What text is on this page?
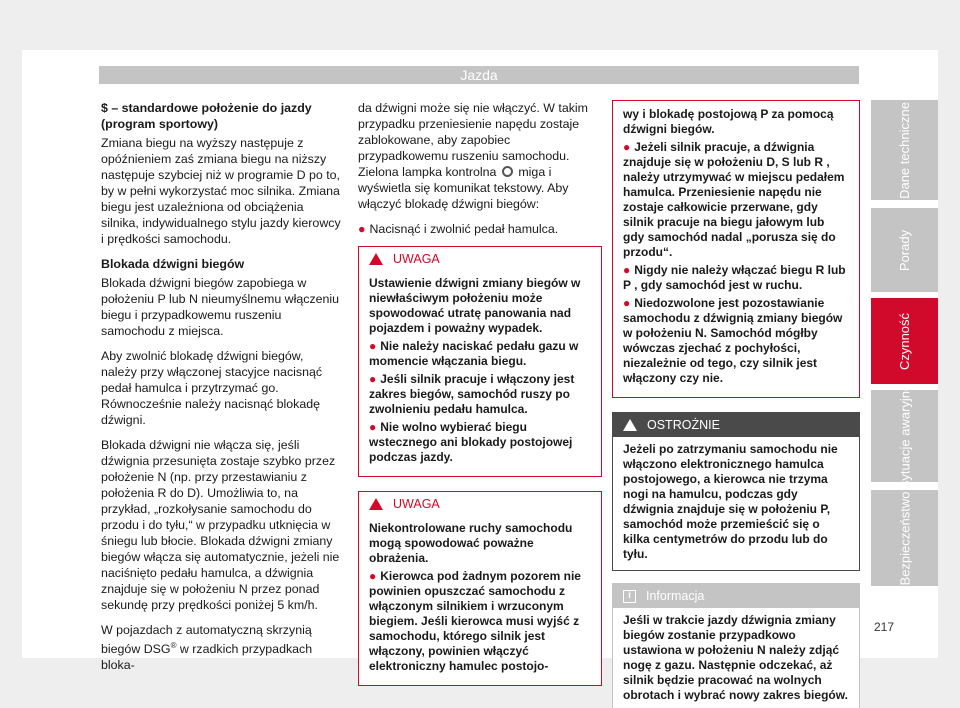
Jazda
Dane techniczne
Porady
Czynność
Sytuacje awaryjne
Bezpieczeństwo
217

$ – standardowe położenie do jazdy (program sportowy)

Zmiana biegu na wyższy następuje z opóźnieniem zaś zmiana biegu na niższy następuje szybciej niż w programie D po to, by w pełni wykorzystać moc silnika. Zmiana biegu jest uzależniona od obciążenia silnika, indywidualnego stylu jazdy kierowcy i prędkości samochodu.

Blokada dźwigni biegów

Blokada dźwigni biegów zapobiega w położeniu P lub N nieumyślnemu włączeniu biegu i przypadkowemu ruszeniu samochodu z miejsca.

Aby zwolnić blokadę dźwigni biegów, należy przy włączonej stacyjce nacisnąć pedał hamulca i przytrzymać go. Równocześnie należy nacisnąć blokadę dźwigni.

Blokada dźwigni nie włącza się, jeśli dźwignia przesunięta zostaje szybko przez położenie N (np. przy przestawianiu z położenia R do D). Umożliwia to, na przykład, „rozkołysanie samochodu do przodu i do tyłu,“ w przypadku utknięcia w śniegu lub błocie. Blokada dźwigni zmiany biegów włącza się automatycznie, jeżeli nie naciśnięto pedału hamulca, a dźwignia znajduje się w położeniu N przez ponad sekundę przy prędkości poniżej 5 km/h.

W pojazdach z automatyczną skrzynią biegów DSG® w rzadkich przypadkach bloka-

da dźwigni może się nie włączyć. W takim przypadku przeniesienie napędu zostaje zablokowane, aby zapobiec przypadkowemu ruszeniu samochodu. Zielona lampka kontrolna miga i wyświetla się komunikat tekstowy. Aby włączyć blokadę dźwigni biegów:

● Nacisnąć i zwolnić pedał hamulca.

UWAGA

Ustawienie dźwigni zmiany biegów w niewłaściwym położeniu może spowodować utratę panowania nad pojazdem i poważny wypadek.

● Nie należy naciskać pedału gazu w momencie włączania biegu.

● Jeśli silnik pracuje i włączony jest zakres biegów, samochód ruszy po zwolnieniu pedału hamulca.

● Nie wolno wybierać biegu wstecznego ani blokady postojowej podczas jazdy.

UWAGA

Niekontrolowane ruchy samochodu mogą spowodować poważne obrażenia.

● Kierowca pod żadnym pozorem nie powinien opuszczać samochodu z włączonym silnikiem i wrzuconym biegiem. Jeśli kierowca musi wyjść z samochodu, którego silnik jest włączony, powinien włączyć elektroniczny hamulec postojo-

wy i blokadę postojową P za pomocą dźwigni biegów.

● Jeżeli silnik pracuje, a dźwignia znajduje się w położeniu D, S lub R , należy utrzymywać w miejscu pedałem hamulca. Przeniesienie napędu nie zostaje całkowicie przerwane, gdy silnik pracuje na biegu jałowym lub gdy samochód nadal „porusza się do przodu“.

● Nigdy nie należy włączać biegu R lub P , gdy samochód jest w ruchu.

● Niedozwolone jest pozostawianie samochodu z dźwignią zmiany biegów w położeniu N. Samochód mógłby wówczas zjechać z pochyłości, niezależnie od tego, czy silnik jest włączony czy nie.

OSTROŻNIE
Jeżeli po zatrzymaniu samochodu nie włączono elektronicznego hamulca postojowego, a kierowca nie trzyma nogi na hamulcu, podczas gdy dźwignia znajduje się w położeniu P, samochód może przemieścić się o kilka centymetrów do przodu lub do tyłu.
i	Informacja
Jeśli w trakcie jazdy dźwignia zmiany biegów zostanie przypadkowo ustawiona w położeniu N należy zdjąć nogę z gazu. Następnie odczekać, aż silnik będzie pracować na wolnych obrotach i wybrać nowy zakres biegów.
